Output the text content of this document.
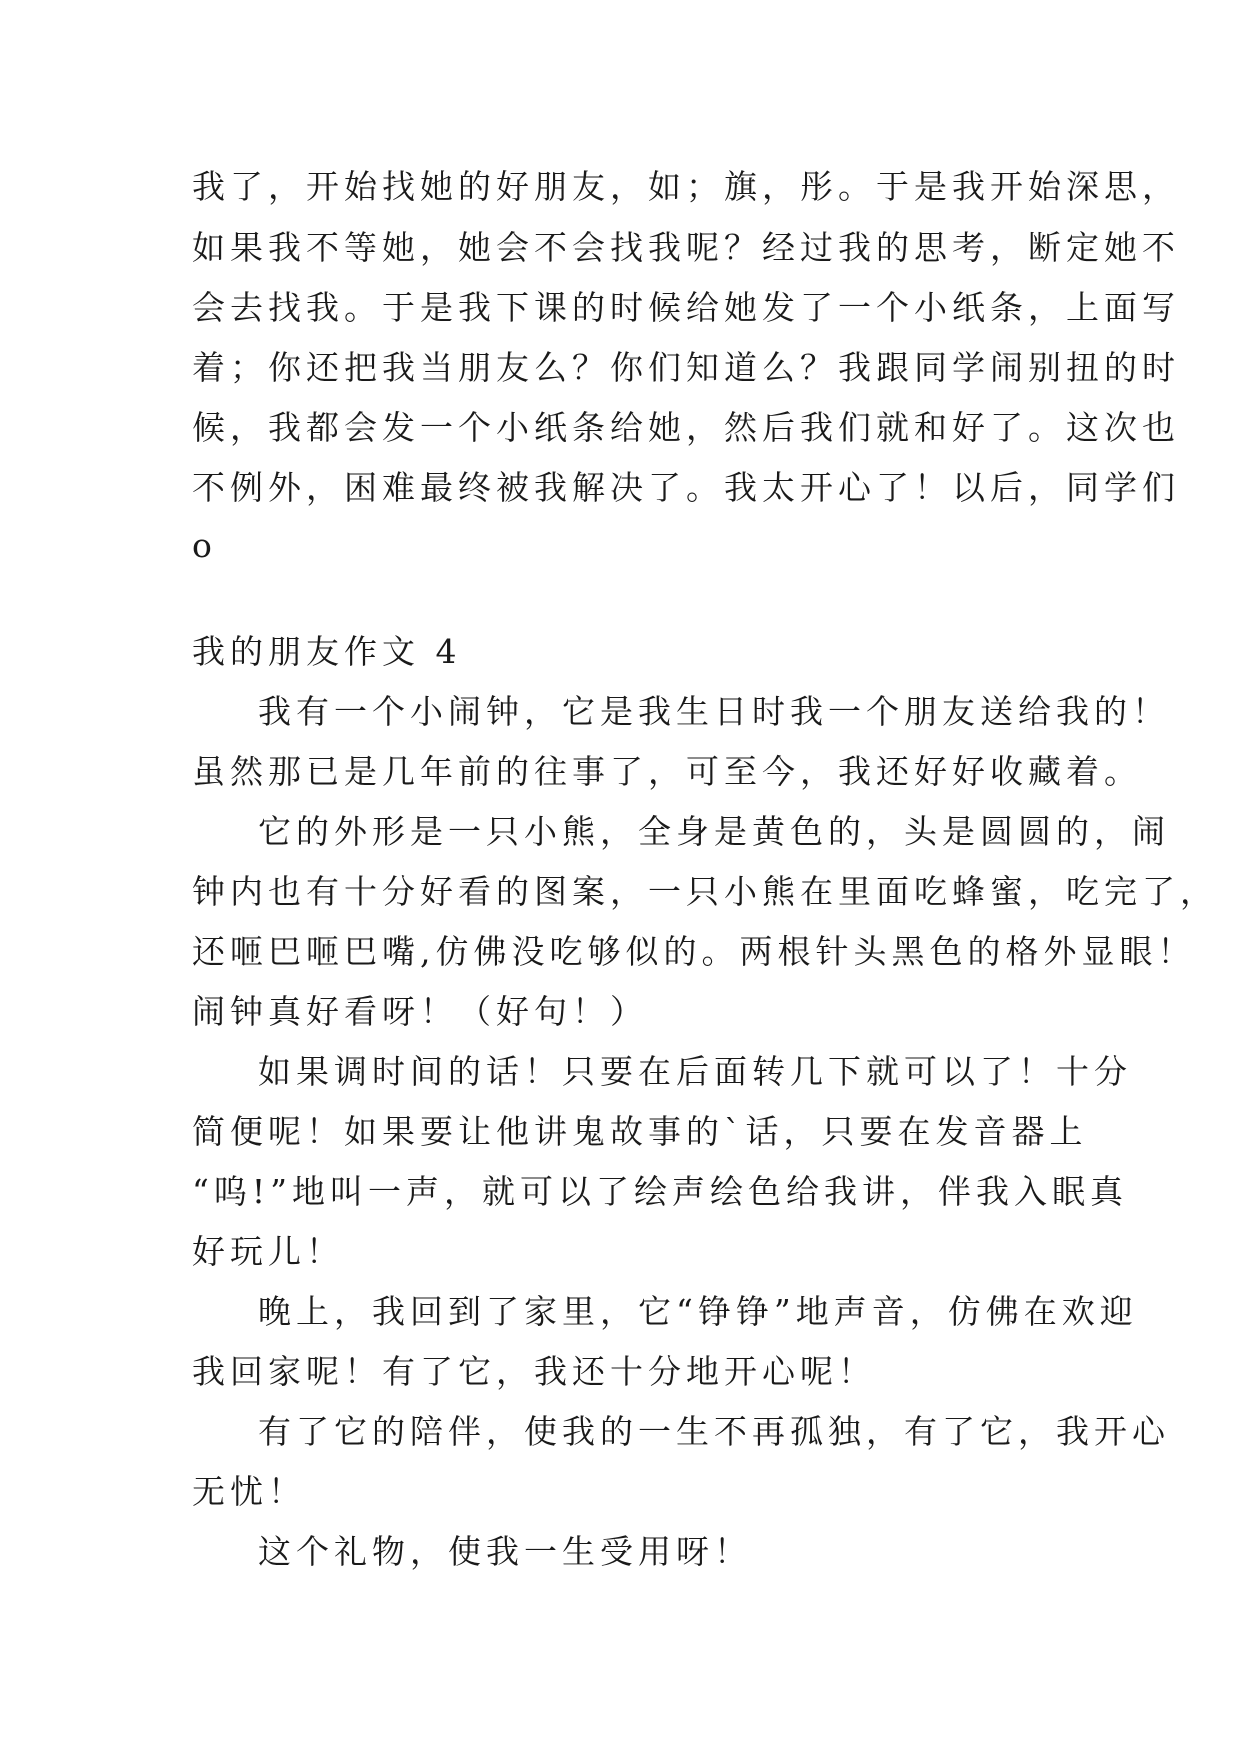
我了，开始找她的好朋友，如；旗，彤。于是我开始深思，
如果我不等她，她会不会找我呢？经过我的思考，断定她不
会去找我。于是我下课的时候给她发了一个小纸条，上面写
着；你还把我当朋友么？你们知道么？我跟同学闹别扭的时
候，我都会发一个小纸条给她，然后我们就和好了。这次也
不例外，困难最终被我解决了。我太开心了！以后，同学们
o
我的朋友作文 4
我有一个小闹钟，它是我生日时我一个朋友送给我的！
虽然那已是几年前的往事了，可至今，我还好好收藏着。
它的外形是一只小熊，全身是黄色的，头是圆圆的，闹
钟内也有十分好看的图案，一只小熊在里面吃蜂蜜，吃完了，
还咂巴咂巴嘴,仿佛没吃够似的。两根针头黑色的格外显眼！
闹钟真好看呀！（好句！）
如果调时间的话！只要在后面转几下就可以了！十分
简便呢！如果要让他讲鬼故事的`话，只要在发音器上
“呜!”地叫一声，就可以了绘声绘色给我讲，伴我入眠真
好玩儿！
晚上，我回到了家里，它“铮铮”地声音，仿佛在欢迎
我回家呢！有了它，我还十分地开心呢！
有了它的陪伴，使我的一生不再孤独，有了它，我开心
无忧！
这个礼物，使我一生受用呀！
